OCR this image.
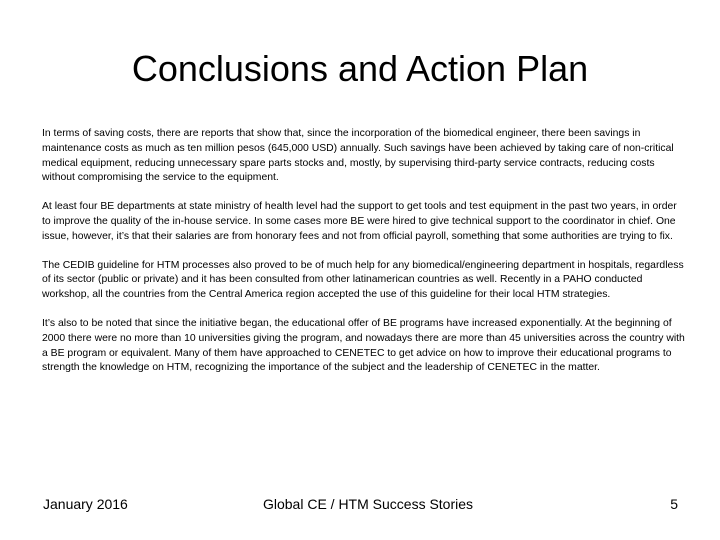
Conclusions and Action Plan

In terms of saving costs, there are reports that show that, since the incorporation of the biomedical engineer, there been savings in maintenance costs as much as ten million pesos (645,000 USD) annually. Such savings have been achieved by taking care of non-critical medical equipment, reducing unnecessary spare parts stocks and, mostly, by supervising third-party service contracts, reducing costs without compromising the service to the equipment.

At least four BE departments at state ministry of health level had the support to get tools and test equipment in the past two years, in order to improve the quality of the in-house service. In some cases more BE were hired to give technical support to the coordinator in chief. One issue, however, it’s that their salaries are from honorary fees and not from official payroll, something that some authorities are trying to fix.

The CEDIB guideline for HTM processes also proved to be of much help for any biomedical/engineering department in hospitals, regardless of its sector (public or private) and it has been consulted from other latinamerican countries as well. Recently in a PAHO conducted workshop, all the countries from the Central America region accepted the use of this guideline for their local HTM strategies.

It’s also to be noted that since the initiative began, the educational offer of BE programs have increased exponentially. At the beginning of 2000 there were no more than 10 universities giving the program, and nowadays there are more than 45 universities across the country with a BE program or equivalent. Many of them have approached to CENETEC to get advice on how to improve their educational programs to strength the knowledge on HTM, recognizing the importance of the subject and the leadership of CENETEC in the matter.

January 2016	Global CE / HTM Success Stories	5
